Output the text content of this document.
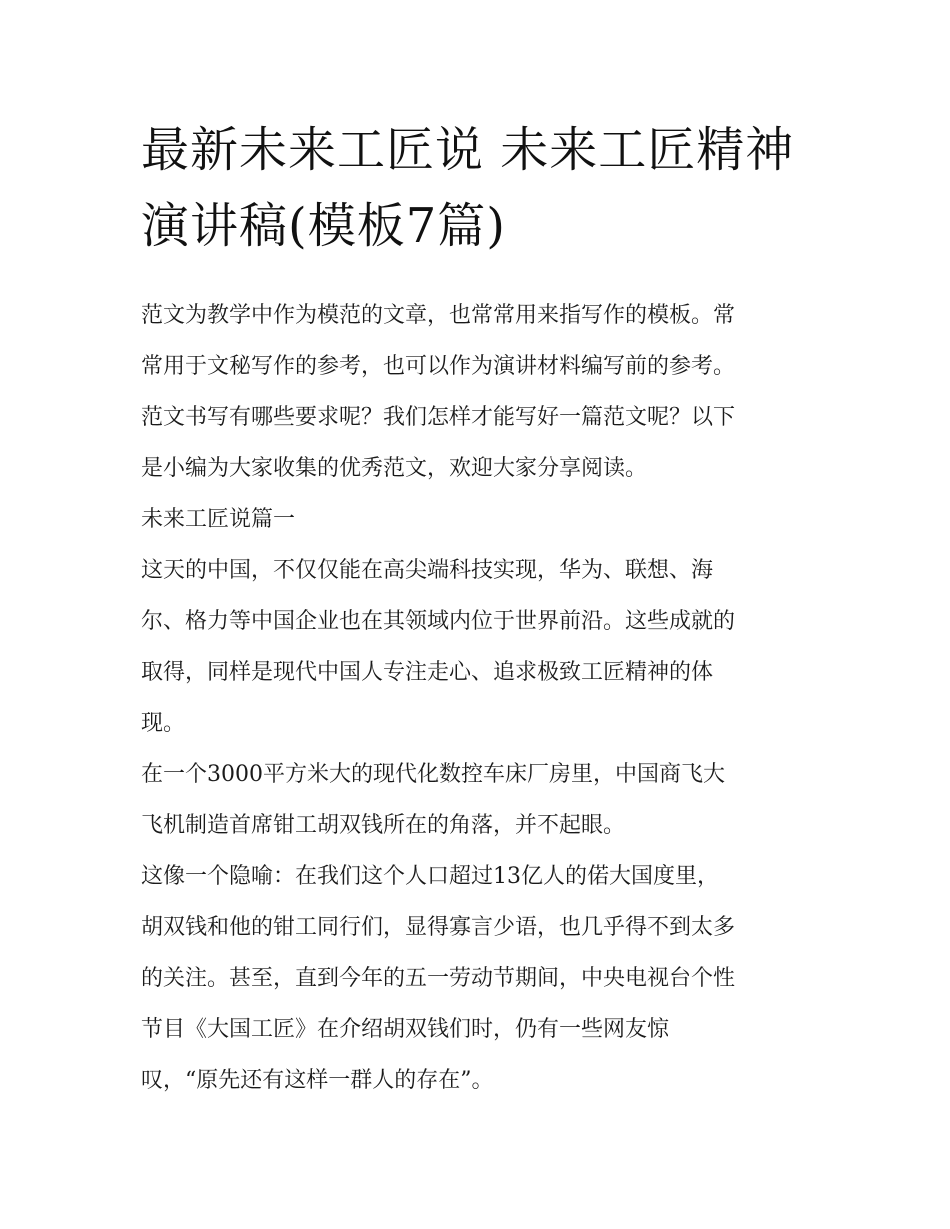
最新未来工匠说 未来工匠精神
演讲稿(模板7篇)
范文为教学中作为模范的文章，也常常用来指写作的模板。常
常用于文秘写作的参考，也可以作为演讲材料编写前的参考。
范文书写有哪些要求呢？我们怎样才能写好一篇范文呢？以下
是小编为大家收集的优秀范文，欢迎大家分享阅读。
未来工匠说篇一
这天的中国，不仅仅能在高尖端科技实现，华为、联想、海
尔、格力等中国企业也在其领域内位于世界前沿。这些成就的
取得，同样是现代中国人专注走心、追求极致工匠精神的体
现。
在一个3000平方米大的现代化数控车床厂房里，中国商飞大
飞机制造首席钳工胡双钱所在的角落，并不起眼。
这像一个隐喻：在我们这个人口超过13亿人的偌大国度里，
胡双钱和他的钳工同行们，显得寡言少语，也几乎得不到太多
的关注。甚至，直到今年的五一劳动节期间，中央电视台个性
节目《大国工匠》在介绍胡双钱们时，仍有一些网友惊
叹，“原先还有这样一群人的存在”。
